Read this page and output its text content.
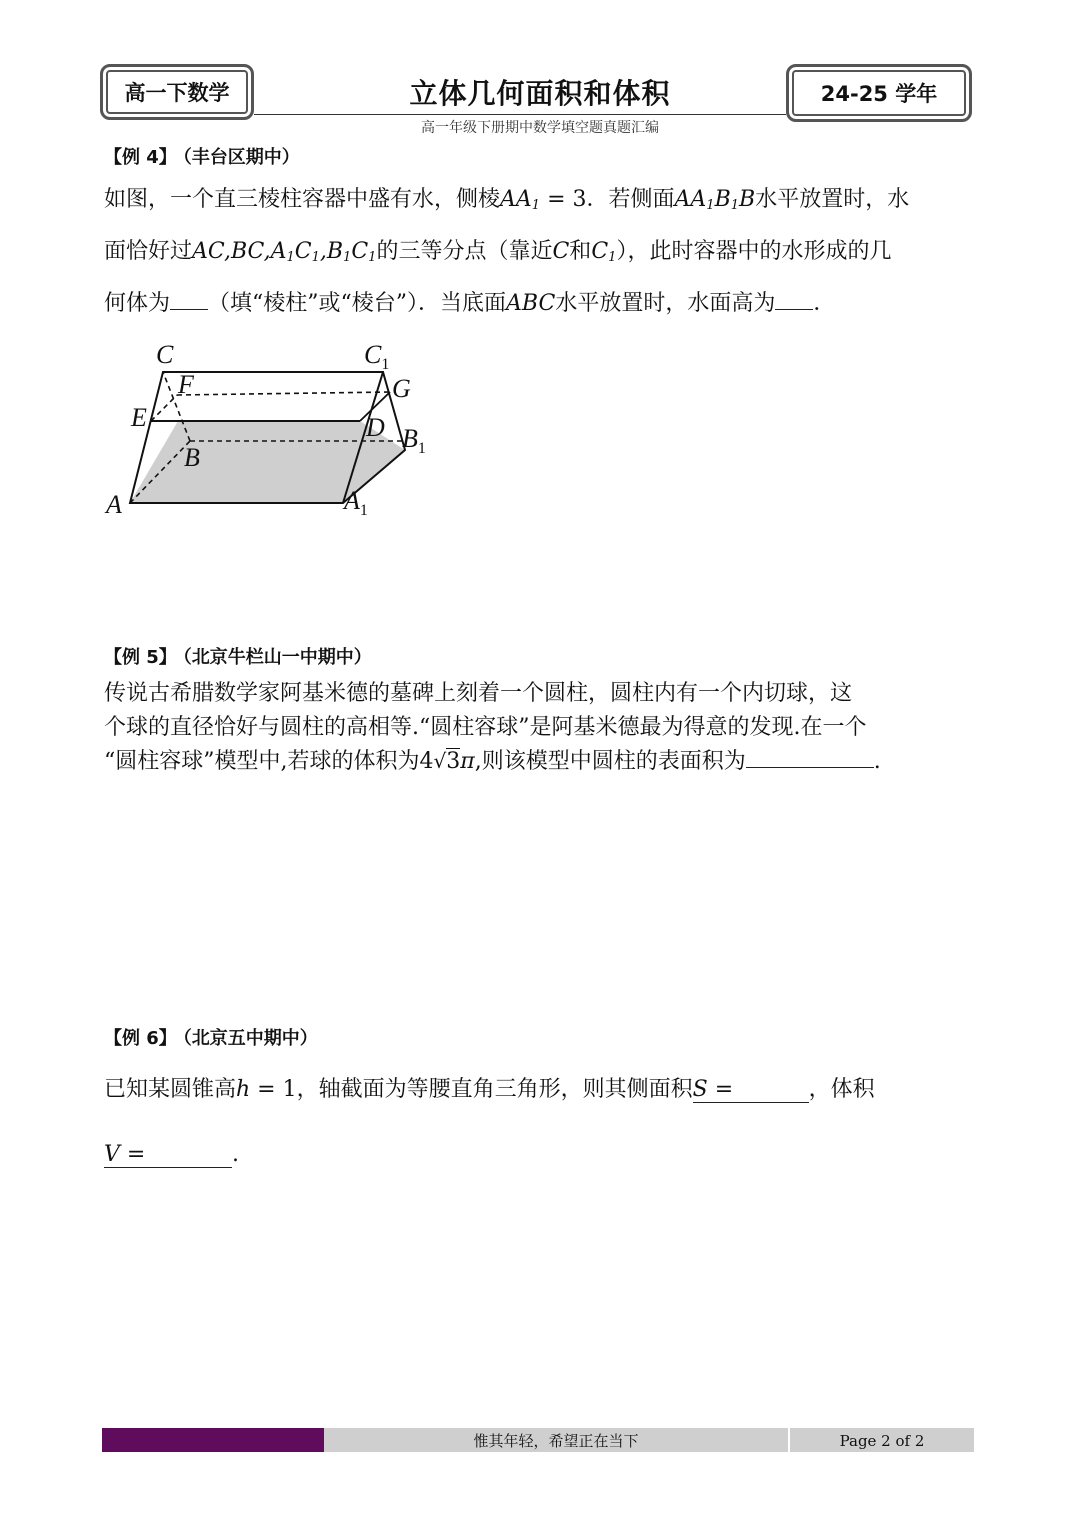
高一下数学	立体几何面积和体积
高一年级下册期中数学填空题真题汇编
24-25 学年
【例 4】 （丰台区期中）
如图，一个直三棱柱容器中盛有水，侧棱$AA_1 = 3$．若侧面$AA_1B_1B$水平放置时，水
面恰好过$AC,BC,A_1C_1,B_1C_1$的三等分点（靠近C和$C_1$），此时容器中的水形成的几
何体为 （填“棱柱”或“棱台”）．当底面ABC水平放置时，水面高为 ．
C	$C_1$
F	G
E	D
B
$B_1$
A	$A_1$
【例 5】 （北京牛栏山一中期中）
传说古希腊数学家阿基米德的墓碑上刻着一个圆柱，圆柱内有一个内切球，这
个球的直径恰好与圆柱的高相等.“圆柱容球”是阿基米德最为得意的发现.在一个
“圆柱容球”模型中,若球的体积为4√3π,则该模型中圆柱的表面积为	.
【例 6】 （北京五中期中）
已知某圆锥高h = 1，轴截面为等腰直角三角形，则其侧面积S =	，体积
V =	.
惟其年轻，希望正在当下	Page 2 of 2
